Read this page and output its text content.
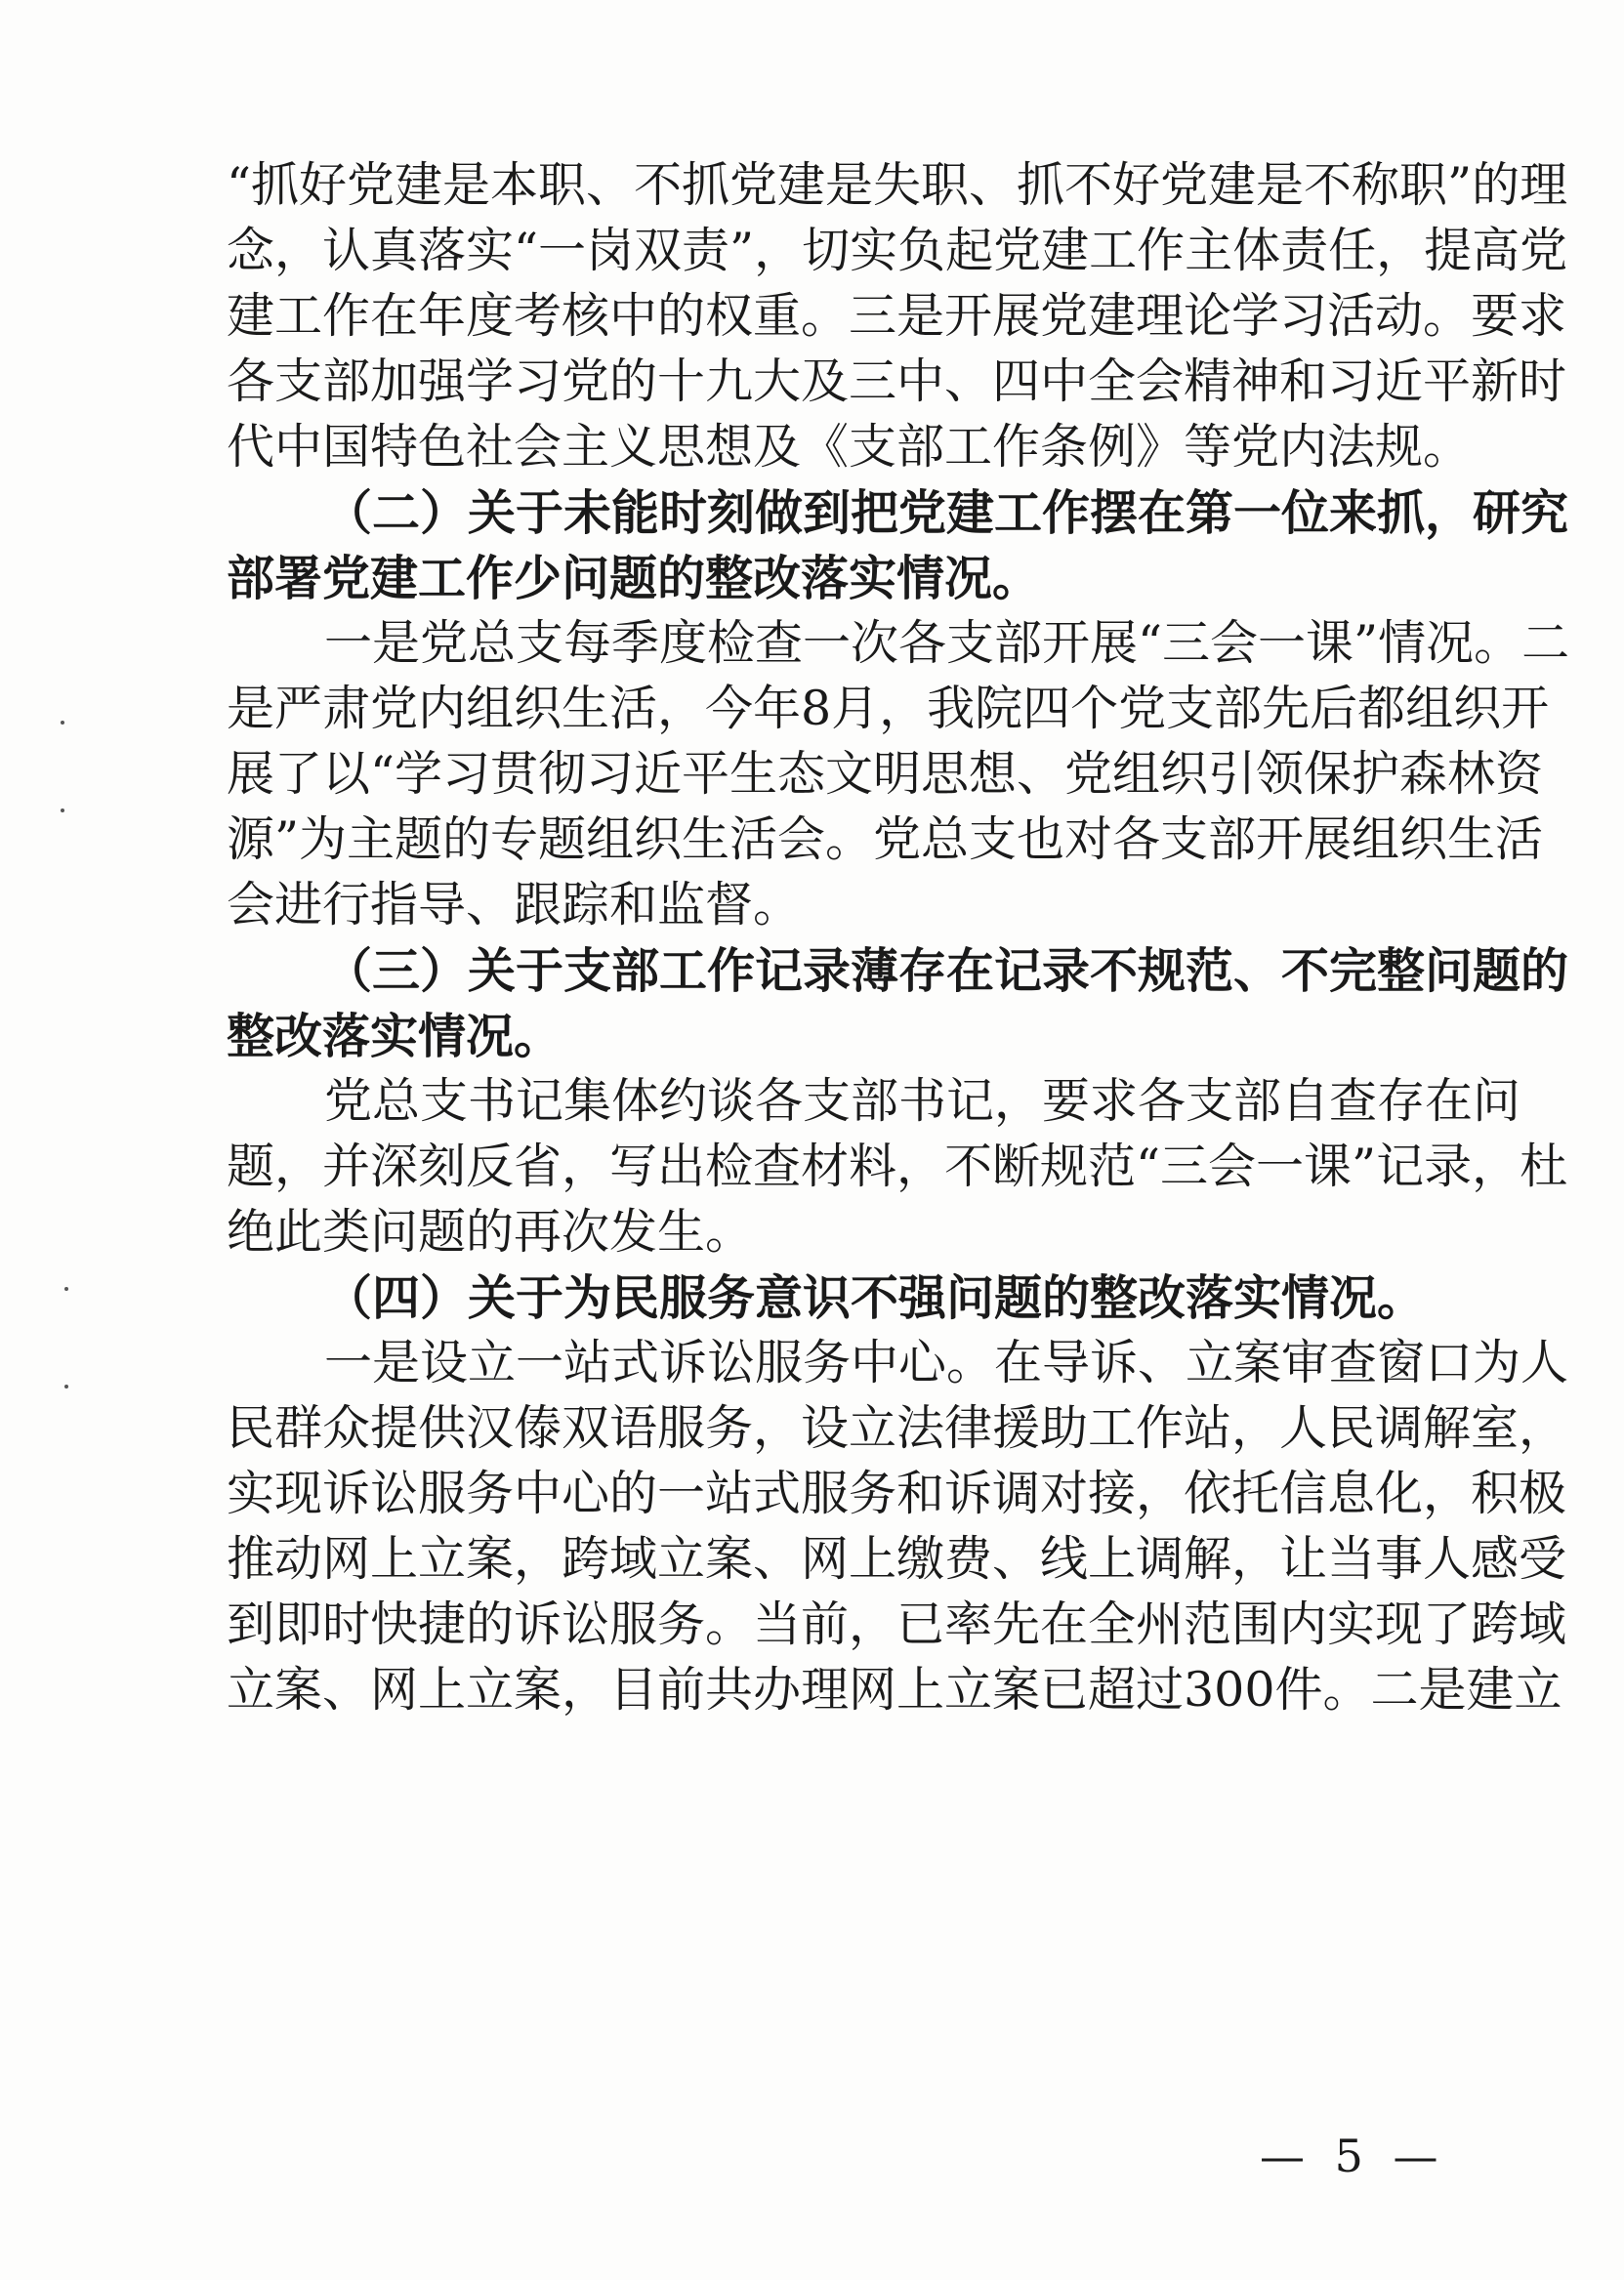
“抓好党建是本职、不抓党建是失职、抓不好党建是不称职”的理
念，认真落实“一岗双责”，切实负起党建工作主体责任，提高党
建工作在年度考核中的权重。三是开展党建理论学习活动。要求
各支部加强学习党的十九大及三中、四中全会精神和习近平新时
代中国特色社会主义思想及《支部工作条例》等党内法规。
（二）关于未能时刻做到把党建工作摆在第一位来抓，研究
部署党建工作少问题的整改落实情况。
一是党总支每季度检查一次各支部开展“三会一课”情况。二
是严肃党内组织生活，今年8月，我院四个党支部先后都组织开
展了以“学习贯彻习近平生态文明思想、党组织引领保护森林资
源”为主题的专题组织生活会。党总支也对各支部开展组织生活
会进行指导、跟踪和监督。
（三）关于支部工作记录薄存在记录不规范、不完整问题的
整改落实情况。
党总支书记集体约谈各支部书记，要求各支部自查存在问
题，并深刻反省，写出检查材料，不断规范“三会一课”记录，杜
绝此类问题的再次发生。
（四）关于为民服务意识不强问题的整改落实情况。
一是设立一站式诉讼服务中心。在导诉、立案审查窗口为人
民群众提供汉傣双语服务，设立法律援助工作站，人民调解室，
实现诉讼服务中心的一站式服务和诉调对接，依托信息化，积极
推动网上立案，跨域立案、网上缴费、线上调解，让当事人感受
到即时快捷的诉讼服务。当前，已率先在全州范围内实现了跨域
立案、网上立案，目前共办理网上立案已超过300件。二是建立
— 5 —
